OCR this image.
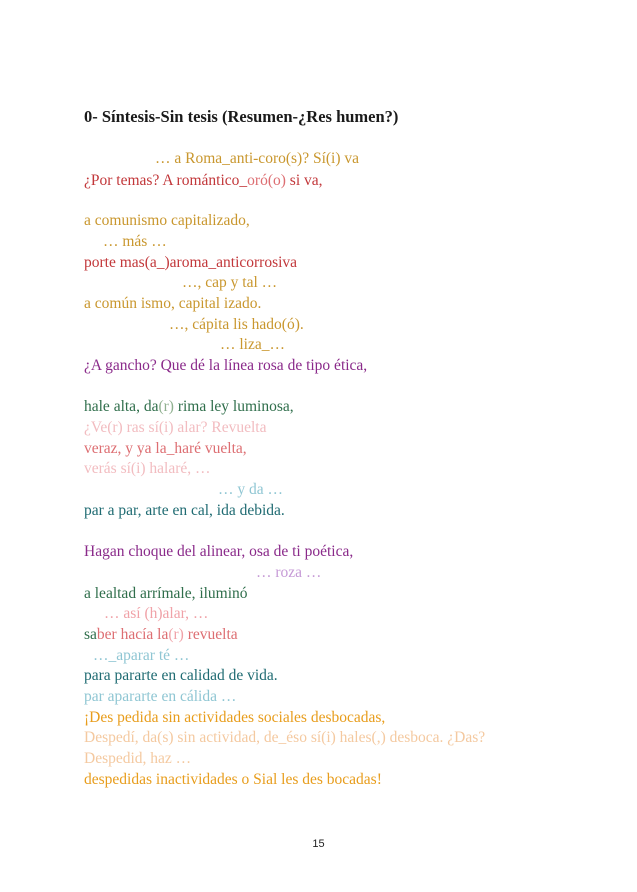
0- Síntesis-Sin tesis (Resumen-¿Res humen?)
… a Roma_anti-coro(s)? Sí(i) va
¿Por temas? A romántico_oró(o) si va,
a comunismo capitalizado,
… más …
porte mas(a_)aroma_anticorrosiva
…, cap y tal …
a común ismo, capital izado.
…, cápita lis hado(ó).
… liza_…
¿A gancho? Que dé la línea rosa de tipo ética,
hale alta, da(r) rima ley luminosa,
¿Ve(r) ras sí(i) alar? Revuelta
veraz, y ya la_haré vuelta,
verás sí(i) halaré, …
… y da …
par a par, arte en cal, ida debida.
Hagan choque del alinear, osa de ti poética,
… roza …
a lealtad arrímale, iluminó
… así (h)alar, …
saber hacía la(r) revuelta
…_aparar té …
para pararte en calidad de vida.
par apararte en cálida …
¡Des pedida sin actividades sociales desbocadas,
Despedí, da(s) sin actividad, de_éso sí(i) hales(,) desboca. ¿Das?
Despedid, haz …
despedidas inactividades o Sial les des bocadas!
15
